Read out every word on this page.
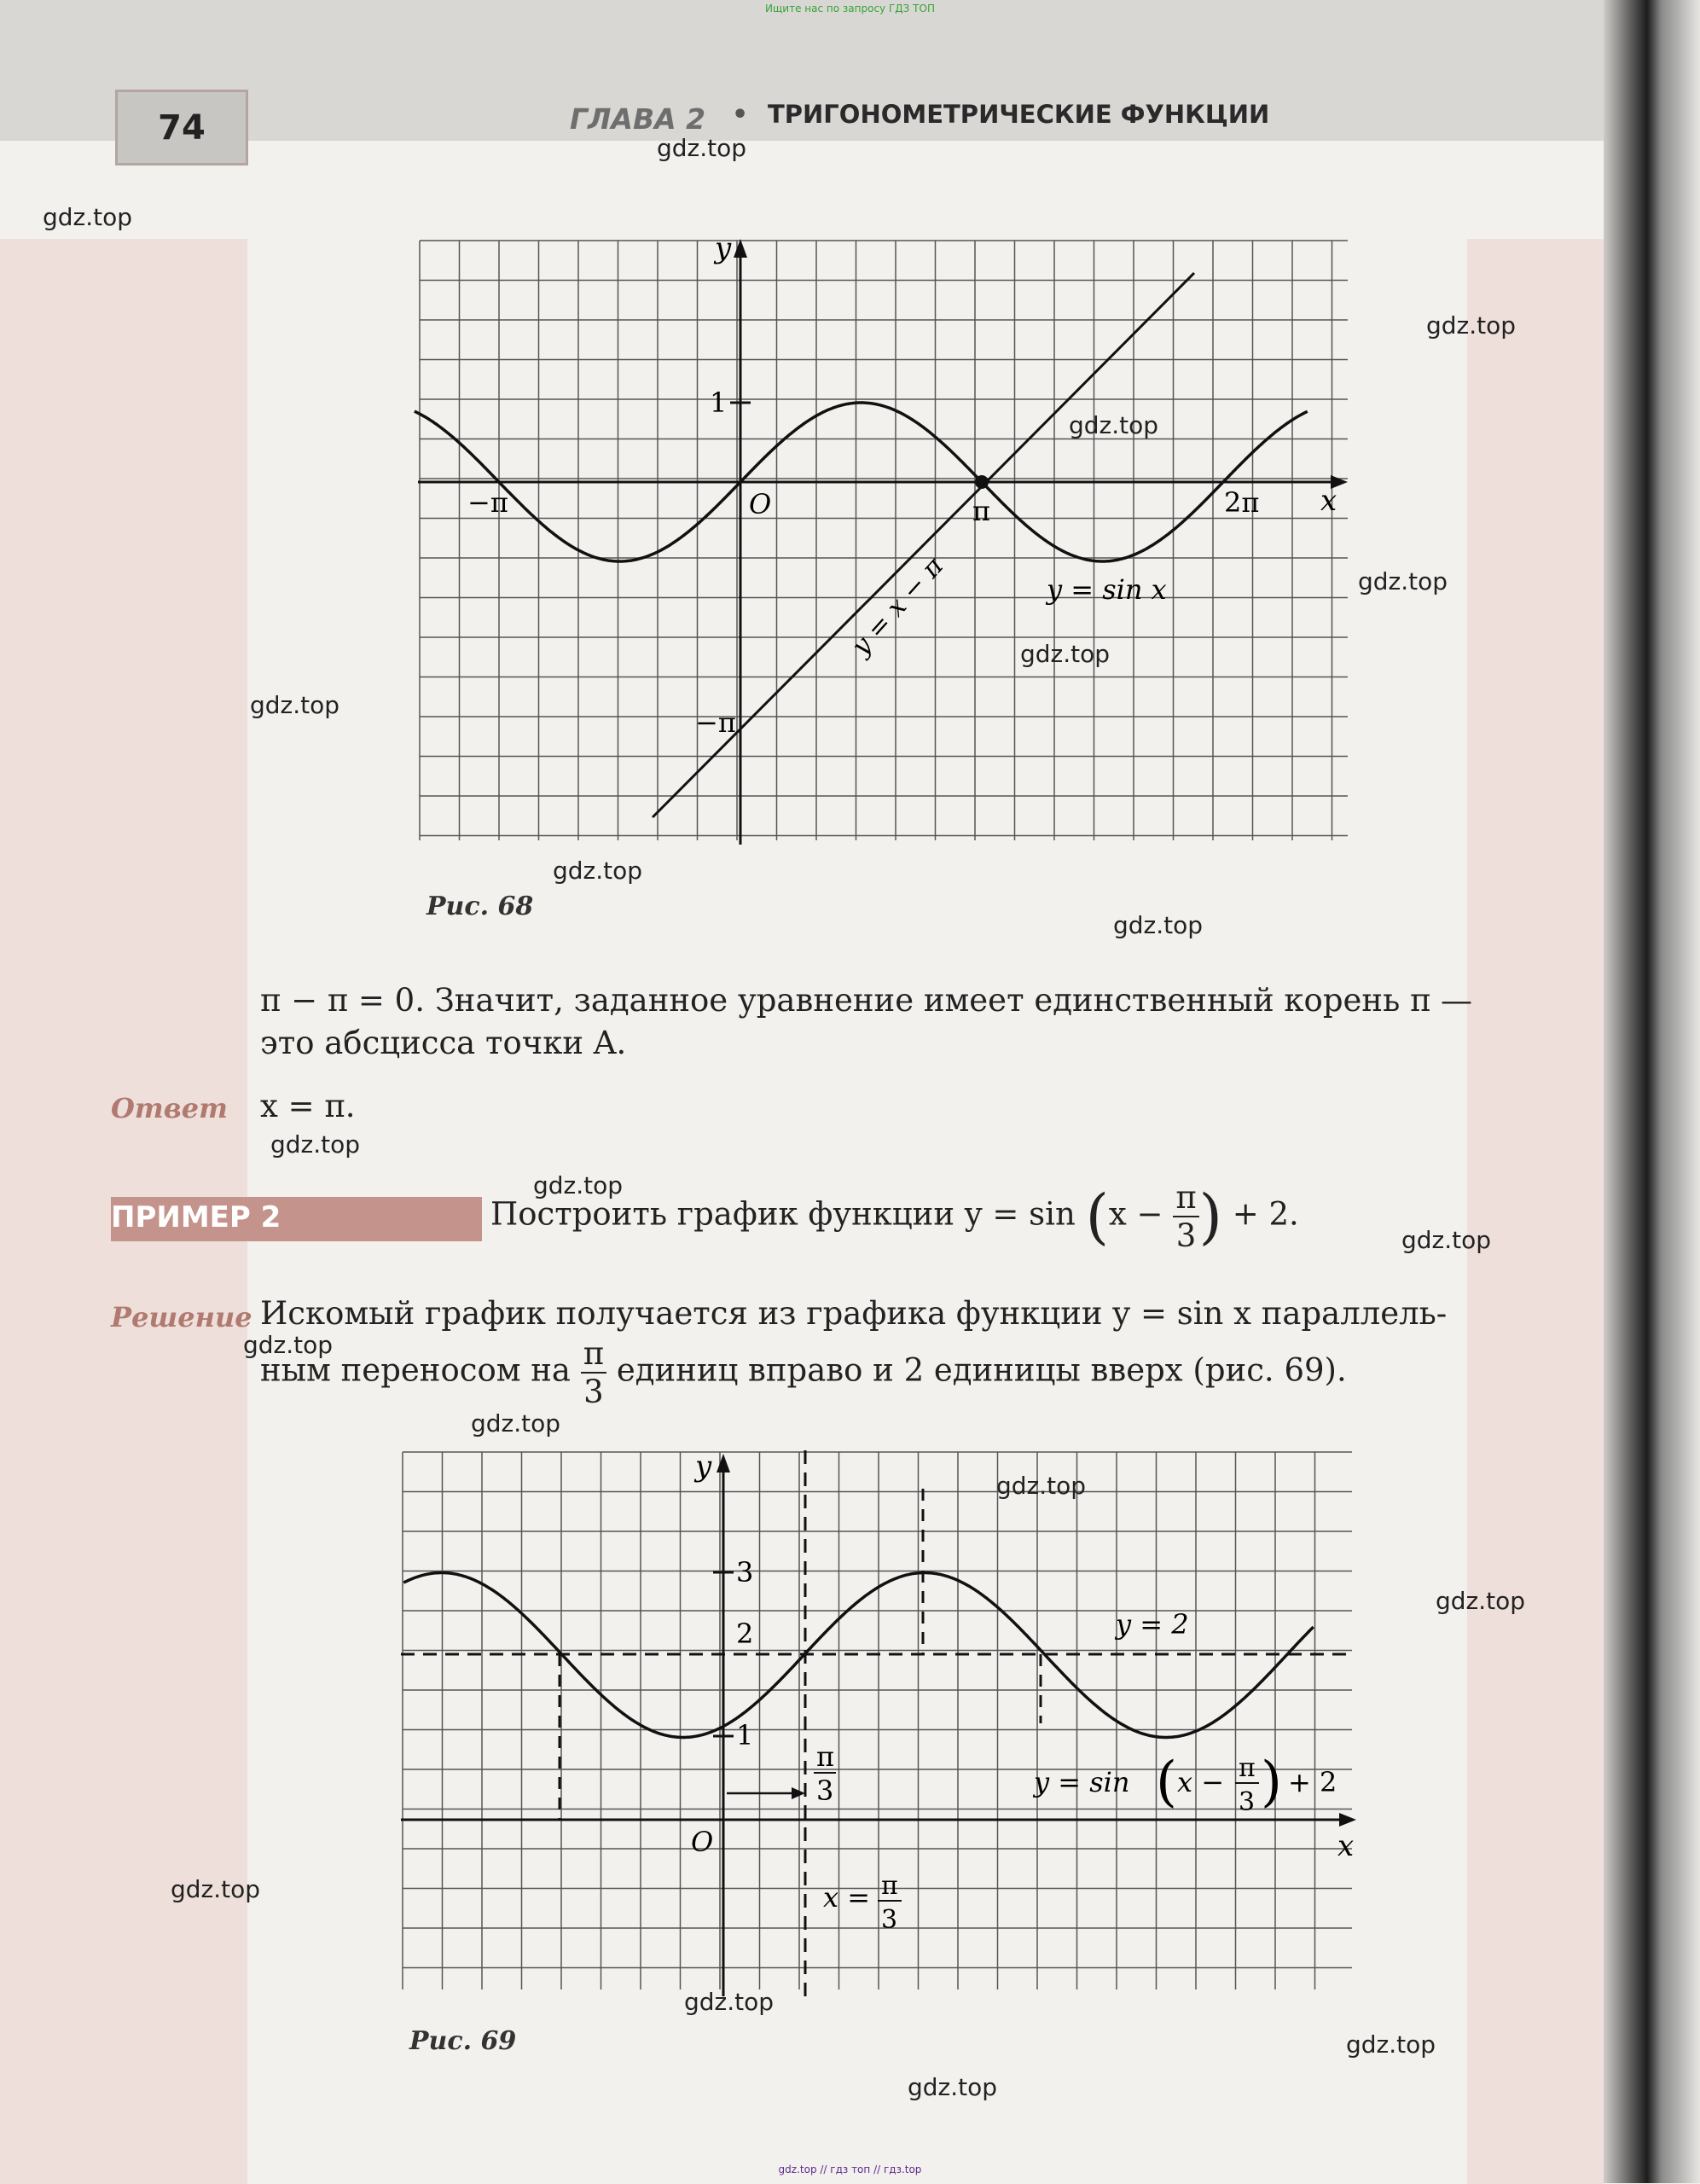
Ищите нас по запросу ГДЗ ТОП
74	ГЛАВА 2 • ТРИГОНОМЕТРИЧЕСКИЕ ФУНКЦИИ
y
x
O
1
−π	π	2π
−π
y = x − π	y = sin x
Рис. 68
π − π = 0. Значит, заданное уравнение имеет единственный корень π —
это абсцисса точки A.
Ответ x = π.
ПРИМЕР 2	Построить график функции $y = \sin (x - \frac{\pi}{3}$ ) + 2.
Решение Искомый график получается из графика функции y = sin x параллель-
ным переносом на $\frac{\pi}{3}$ единиц вправо и 2 единицы вверх (рис. 69).
y
x
O
3
2
1
π
3
y = 2
y = sin ( x − π
3 ) + 2
x = π
3
Рис. 69
gdz.top
gdz.top
gdz.top
gdz.top
gdz.top
gdz.top
gdz.top
gdz.top
gdz.top
gdz.top
gdz.top
gdz.top
gdz.top
gdz.top
gdz.top
gdz.top
gdz.top
gdz.top
gdz.top
gdz.top
gdz.top // гдз топ // гдз.top
